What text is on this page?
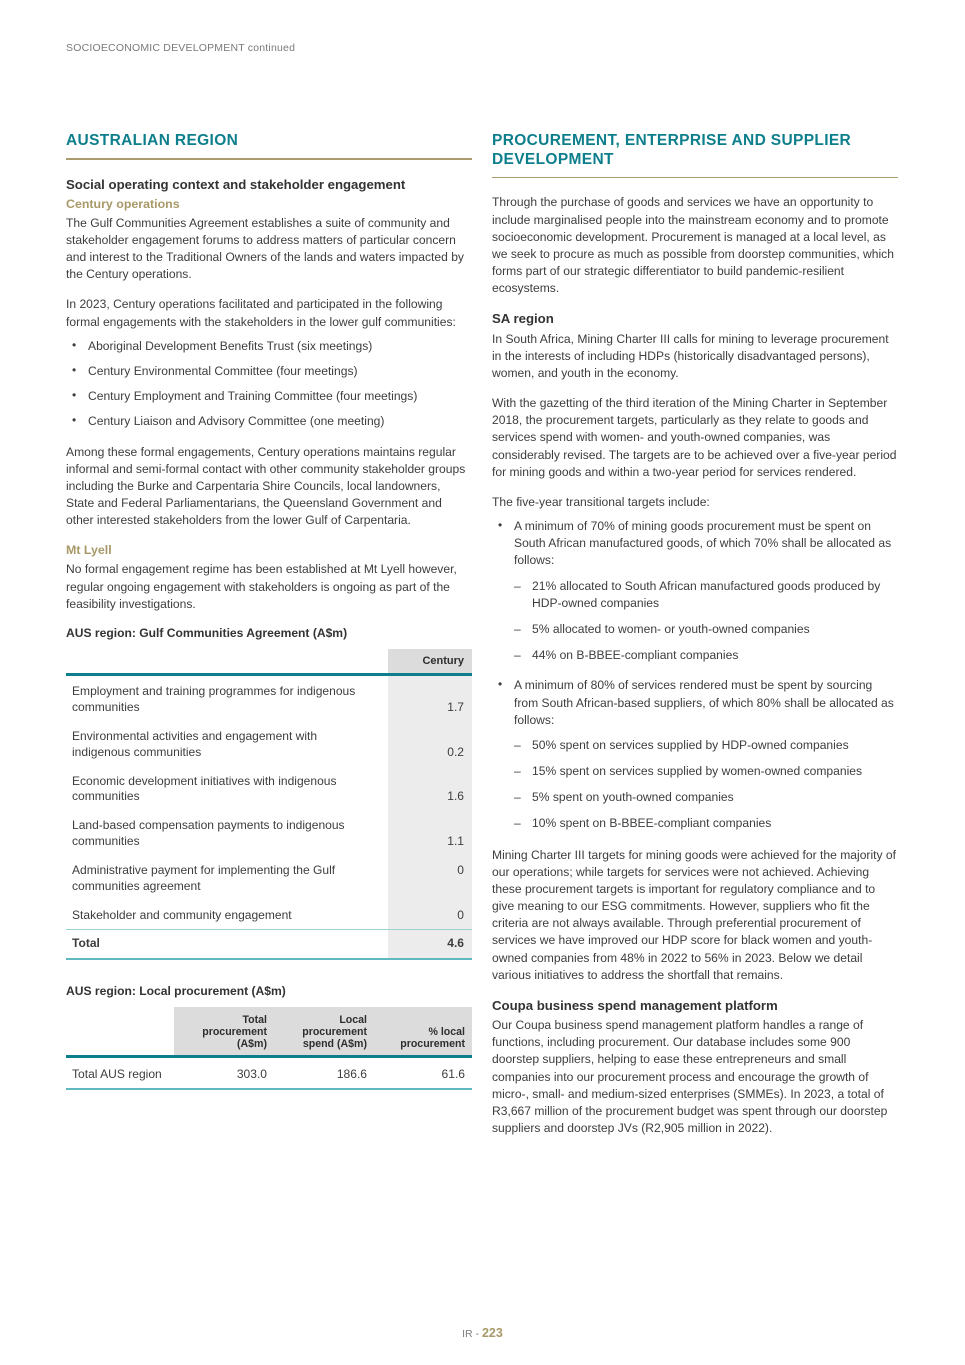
SOCIOECONOMIC DEVELOPMENT continued
AUSTRALIAN REGION
Social operating context and stakeholder engagement
Century operations

The Gulf Communities Agreement establishes a suite of community and stakeholder engagement forums to address matters of particular concern and interest to the Traditional Owners of the lands and waters impacted by the Century operations.

In 2023, Century operations facilitated and participated in the following formal engagements with the stakeholders in the lower gulf communities:

• Aboriginal Development Benefits Trust (six meetings)
• Century Environmental Committee (four meetings)
• Century Employment and Training Committee (four meetings)
• Century Liaison and Advisory Committee (one meeting)

Among these formal engagements, Century operations maintains regular informal and semi-formal contact with other community stakeholder groups including the Burke and Carpentaria Shire Councils, local landowners, State and Federal Parliamentarians, the Queensland Government and other interested stakeholders from the lower Gulf of Carpentaria.

Mt Lyell

No formal engagement regime has been established at Mt Lyell however, regular ongoing engagement with stakeholders is ongoing as part of the feasibility investigations.

AUS region: Gulf Communities Agreement (A$m)
	Century

Employment and training programmes for indigenous communities	1.7
Environmental activities and engagement with indigenous communities	0.2
Economic development initiatives with indigenous communities	1.6
Land-based compensation payments to indigenous communities	1.1
Administrative payment for implementing the Gulf communities agreement	0
Stakeholder and community engagement	0
Total	4.6
AUS region: Local procurement (A$m)
	Total procurement (A$m)	Local procurement spend (A$m)	% local procurement

Total AUS region	303.0	186.6	61.6
PROCUREMENT, ENTERPRISE AND SUPPLIER DEVELOPMENT

Through the purchase of goods and services we have an opportunity to include marginalised people into the mainstream economy and to promote socioeconomic development. Procurement is managed at a local level, as we seek to procure as much as possible from doorstep communities, which forms part of our strategic differentiator to build pandemic-resilient ecosystems.

SA region

In South Africa, Mining Charter III calls for mining to leverage procurement in the interests of including HDPs (historically disadvantaged persons), women, and youth in the economy.

With the gazetting of the third iteration of the Mining Charter in September 2018, the procurement targets, particularly as they relate to goods and services spend with women- and youth-owned companies, was considerably revised. The targets are to be achieved over a five-year period for mining goods and within a two-year period for services rendered.

The five-year transitional targets include:

• A minimum of 70% of mining goods procurement must be spent on South African manufactured goods, of which 70% shall be allocated as follows:
– 21% allocated to South African manufactured goods produced by HDP-owned companies
– 5% allocated to women- or youth-owned companies
– 44% on B-BBEE-compliant companies
• A minimum of 80% of services rendered must be spent by sourcing from South African-based suppliers, of which 80% shall be allocated as follows:
– 50% spent on services supplied by HDP-owned companies
– 15% spent on services supplied by women-owned companies
– 5% spent on youth-owned companies
– 10% spent on B-BBEE-compliant companies

Mining Charter III targets for mining goods were achieved for the majority of our operations; while targets for services were not achieved. Achieving these procurement targets is important for regulatory compliance and to give meaning to our ESG commitments. However, suppliers who fit the criteria are not always available. Through preferential procurement of services we have improved our HDP score for black women and youth-owned companies from 48% in 2022 to 56% in 2023. Below we detail various initiatives to address the shortfall that remains.

Coupa business spend management platform

Our Coupa business spend management platform handles a range of functions, including procurement. Our database includes some 900 doorstep suppliers, helping to ease these entrepreneurs and small companies into our procurement process and encourage the growth of micro-, small- and medium-sized enterprises (SMMEs). In 2023, a total of R3,667 million of the procurement budget was spent through our doorstep suppliers and doorstep JVs (R2,905 million in 2022).

IR - 223
